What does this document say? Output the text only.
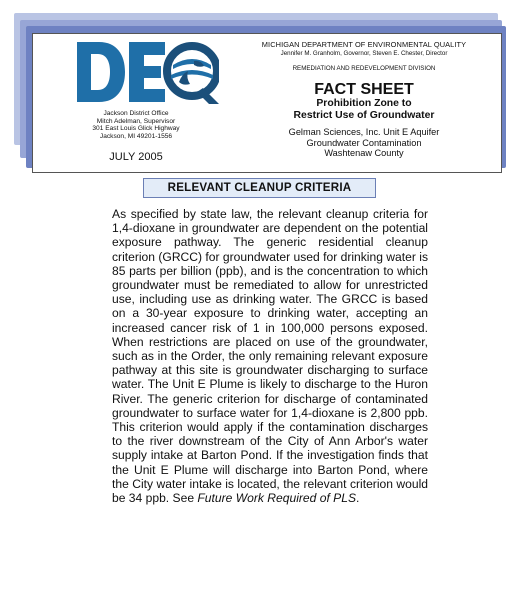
Jackson District Office
Mitch Adelman, Supervisor
301 East Louis Glick Highway
Jackson, MI 49201-1556
JULY 2005
MICHIGAN DEPARTMENT OF ENVIRONMENTAL QUALITY
Jennifer M. Granholm, Governor, Steven E. Chester, Director
REMEDIATION AND REDEVELOPMENT DIVISION
FACT SHEET
Prohibition Zone to
Restrict Use of Groundwater
Gelman Sciences, Inc. Unit E Aquifer
Groundwater Contamination
Washtenaw County
RELEVANT CLEANUP CRITERIA

As specified by state law, the relevant cleanup criteria for 1,4-dioxane in groundwater are dependent on the potential exposure pathway. The generic residential cleanup criterion (GRCC) for groundwater used for drinking water is 85 parts per billion (ppb), and is the concentration to which groundwater must be remediated to allow for unrestricted use, including use as drinking water. The GRCC is based on a 30-year exposure to drinking water, accepting an increased cancer risk of 1 in 100,000 persons exposed. When restrictions are placed on use of the groundwater, such as in the Order, the only remaining relevant exposure pathway at this site is groundwater discharging to surface water. The Unit E Plume is likely to discharge to the Huron River. The generic criterion for discharge of contaminated groundwater to surface water for 1,4-dioxane is 2,800 ppb. This criterion would apply if the contamination discharges to the river downstream of the City of Ann Arbor's water supply intake at Barton Pond. If the investigation finds that the Unit E Plume will discharge into Barton Pond, where the City water intake is located, the relevant criterion would be 34 ppb. See Future Work Required of PLS.
